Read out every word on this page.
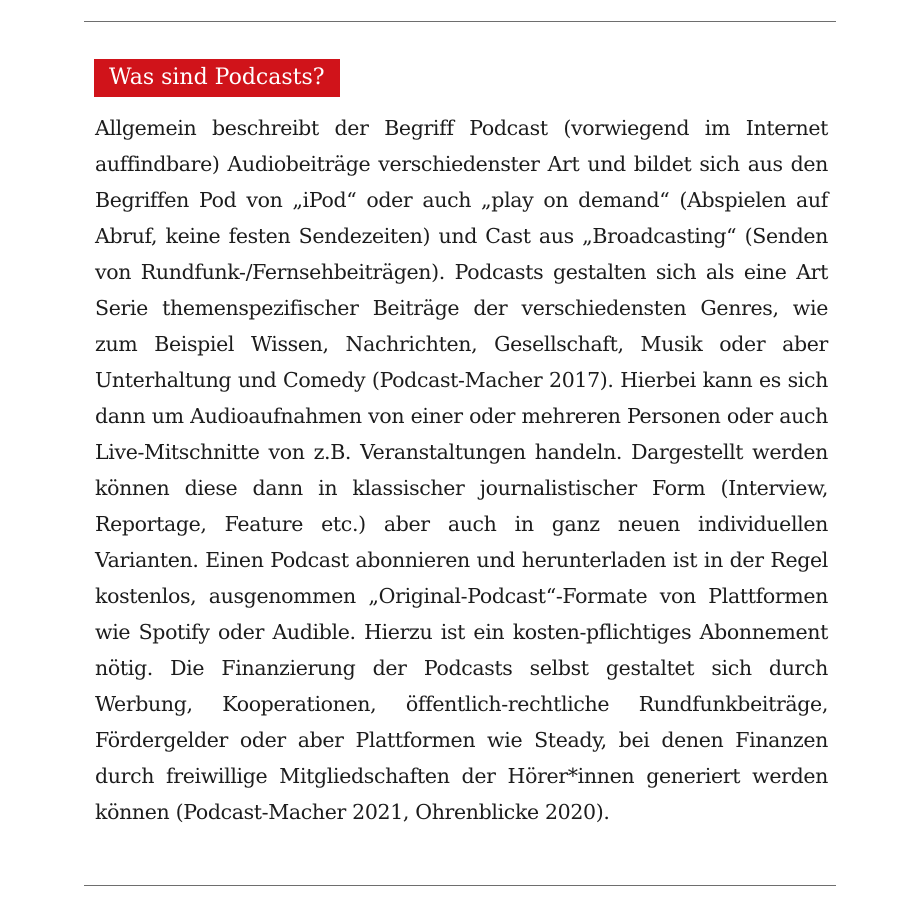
Was sind Podcasts?

Allgemein beschreibt der Begriff Podcast (vorwiegend im Internet auffindbare) Audiobeiträge verschiedenster Art und bildet sich aus den Begriffen Pod von „iPod“ oder auch „play on demand“ (Abspielen auf Abruf, keine festen Sendezeiten) und Cast aus „Broadcasting“ (Senden von Rundfunk-/Fernsehbeiträgen). Podcasts gestalten sich als eine Art Serie themenspezifischer Beiträge der verschiedensten Genres, wie zum Beispiel Wissen, Nachrichten, Gesellschaft, Musik oder aber Unterhaltung und Comedy (Podcast-Macher 2017). Hierbei kann es sich dann um Audioaufnahmen von einer oder mehreren Personen oder auch Live-Mitschnitte von z.B. Veranstaltungen handeln. Dargestellt werden können diese dann in klassischer journalistischer Form (Interview, Reportage, Feature etc.) aber auch in ganz neuen individuellen Varianten. Einen Podcast abonnieren und herunterladen ist in der Regel kostenlos, ausgenommen „Original-Podcast“-Formate von Plattformen wie Spotify oder Audible. Hierzu ist ein kosten-pflichtiges Abonnement nötig. Die Finanzierung der Podcasts selbst gestaltet sich durch Werbung, Kooperationen, öffentlich-rechtliche Rundfunkbeiträge, Fördergelder oder aber Plattformen wie Steady, bei denen Finanzen durch freiwillige Mitgliedschaften der Hörer*innen generiert werden können (Podcast-Macher 2021, Ohrenblicke 2020).
